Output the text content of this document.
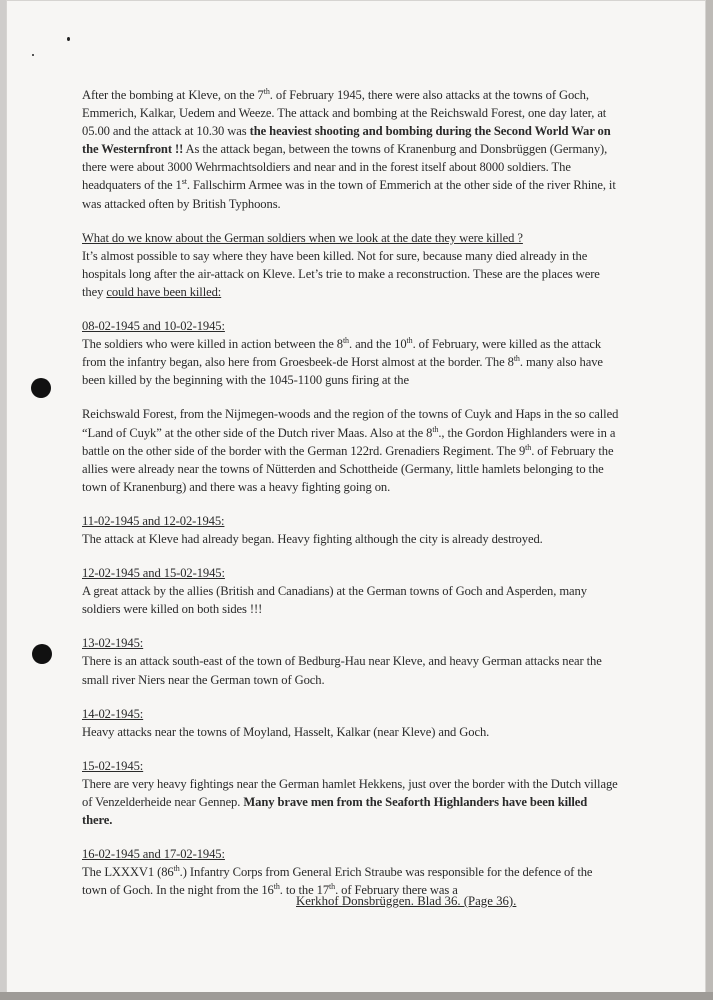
After the bombing at Kleve, on the 7th. of February 1945, there were also attacks at the towns of Goch, Emmerich, Kalkar, Uedem and Weeze. The attack and bombing at the Reichswald Forest, one day later, at 05.00 and the attack at 10.30 was the heaviest shooting and bombing during the Second World War on the Westernfront !! As the attack began, between the towns of Kranenburg and Donsbrüggen (Germany), there were about 3000 Wehrmachtsoldiers and near and in the forest itself about 8000 soldiers. The headquaters of the 1st. Fallschirm Armee was in the town of Emmerich at the other side of the river Rhine, it was attacked often by British Typhoons.

What do we know about the German soldiers when we look at the date they were killed ?
It’s almost possible to say where they have been killed. Not for sure, because many died already in the hospitals long after the air-attack on Kleve. Let’s trie to make a reconstruction. These are the places were they could have been killed:

08-02-1945 and 10-02-1945:
The soldiers who were killed in action between the 8th. and the 10th. of February, were killed as the attack from the infantry began, also here from Groesbeek-de Horst almost at the border. The 8th. many also have been killed by the beginning with the 1045-1100 guns firing at the

Reichswald Forest, from the Nijmegen-woods and the region of the towns of Cuyk and Haps in the so called “Land of Cuyk” at the other side of the Dutch river Maas. Also at the 8th., the Gordon Highlanders were in a battle on the other side of the border with the German 122rd. Grenadiers Regiment. The 9th. of February the allies were already near the towns of Nütterden and Schottheide (Germany, little hamlets belonging to the town of Kranenburg) and there was a heavy fighting going on.

11-02-1945 and 12-02-1945:
The attack at Kleve had already began. Heavy fighting although the city is already destroyed.

12-02-1945 and 15-02-1945:
A great attack by the allies (British and Canadians) at the German towns of Goch and Asperden, many soldiers were killed on both sides !!!

13-02-1945:
There is an attack south-east of the town of Bedburg-Hau near Kleve, and heavy German attacks near the small river Niers near the German town of Goch.

14-02-1945:
Heavy attacks near the towns of Moyland, Hasselt, Kalkar (near Kleve) and Goch.

15-02-1945:
There are very heavy fightings near the German hamlet Hekkens, just over the border with the Dutch village of Venzelderheide near Gennep. Many brave men from the Seaforth Highlanders have been killed there.

16-02-1945 and 17-02-1945:
The LXXXV1 (86th.) Infantry Corps from General Erich Straube was responsible for the defence of the town of Goch. In the night from the 16th. to the 17th. of February there was a

Kerkhof Donsbrüggen. Blad 36. (Page 36).
